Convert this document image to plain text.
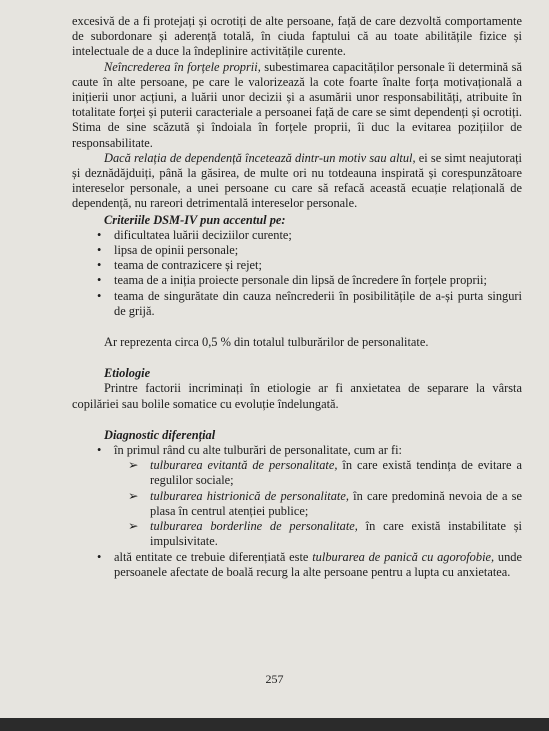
excesivă de a fi protejați și ocrotiți de alte persoane, față de care dezvoltă comportamente de subordonare și aderență totală, în ciuda faptului că au toate abilitățile fizice și intelectuale de a duce la îndeplinire activitățile curente.

Neîncrederea în forțele proprii, subestimarea capacităților personale îi determină să caute în alte persoane, pe care le valorizează la cote foarte înalte forța motivațională a inițierii unor acțiuni, a luării unor decizii și a asumării unor responsabilități, atribuite în totalitate forței și puterii caracteriale a persoanei față de care se simt dependenți și ocrotiți. Stima de sine scăzută și îndoiala în forțele proprii, îi duc la evitarea pozițiilor de responsabilitate.

Dacă relația de dependență încetează dintr-un motiv sau altul, ei se simt neajutorați și deznădăjduiți, până la găsirea, de multe ori nu totdeauna inspirată și corespunzătoare intereselor personale, a unei persoane cu care să refacă această ecuație relațională de dependență, nu rareori detrimentală intereselor personale.

Criteriile DSM-IV pun accentul pe:

• dificultatea luării deciziilor curente;
• lipsa de opinii personale;
• teama de contrazicere și rejet;
• teama de a iniția proiecte personale din lipsă de încredere în forțele proprii;
• teama de singurătate din cauza neîncrederii în posibilitățile de a-și purta singuri de grijă.

Ar reprezenta circa 0,5 % din totalul tulburărilor de personalitate.

Etiologie

Printre factorii incriminați în etiologie ar fi anxietatea de separare la vârsta copilăriei sau bolile somatice cu evoluție îndelungată.

Diagnostic diferențial

• în primul rând cu alte tulburări de personalitate, cum ar fi:
➢ tulburarea evitantă de personalitate, în care există tendința de evitare a regulilor sociale;
➢ tulburarea histrionică de personalitate, în care predomină nevoia de a se plasa în centrul atenției publice;
➢ tulburarea borderline de personalitate, în care există instabilitate și impulsivitate.
• altă entitate ce trebuie diferențiată este tulburarea de panică cu agorofobie, unde persoanele afectate de boală recurg la alte persoane pentru a lupta cu anxietatea.
257
